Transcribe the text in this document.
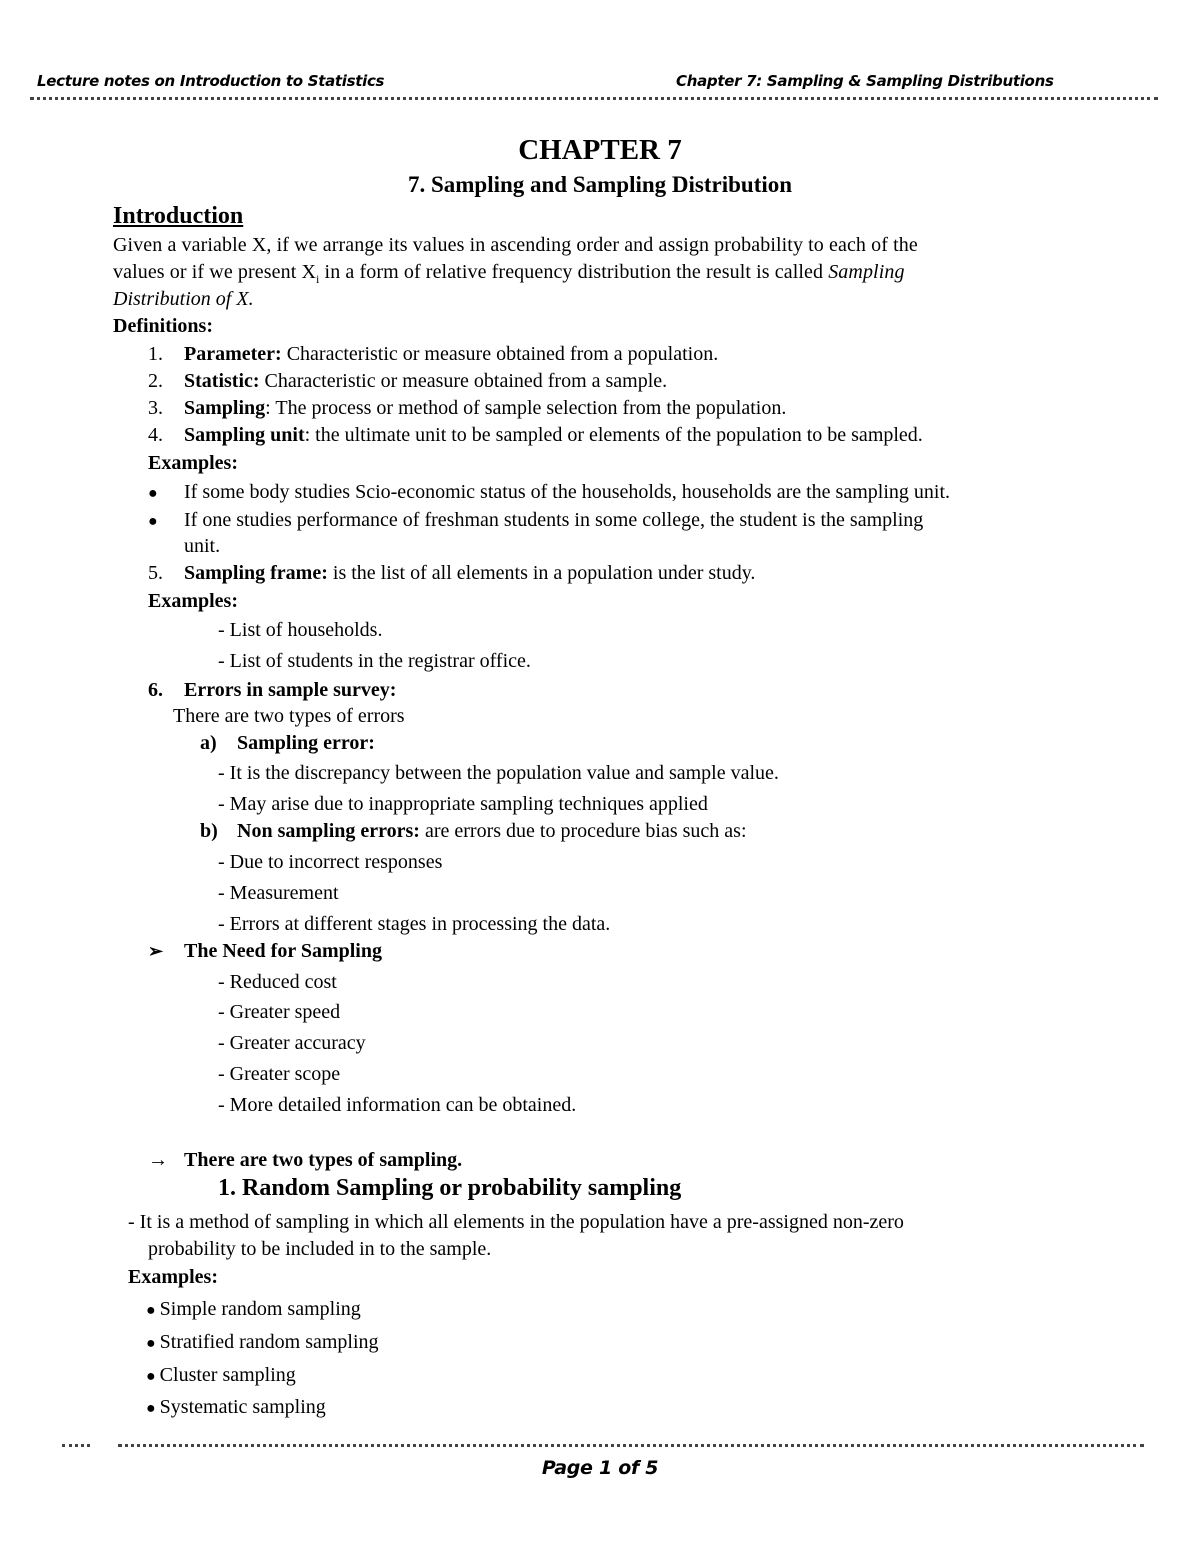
Lecture notes on Introduction to Statistics	Chapter 7: Sampling & Sampling Distributions
CHAPTER 7
7. Sampling and Sampling Distribution
Introduction
Given a variable X, if we arrange its values in ascending order and assign probability to each of the
values or if we present $X_i$ in a form of relative frequency distribution the result is called Sampling
Distribution of X.
Definitions:
1. Parameter: Characteristic or measure obtained from a population.
2. Statistic: Characteristic or measure obtained from a sample.
3. Sampling: The process or method of sample selection from the population.
4. Sampling unit: the ultimate unit to be sampled or elements of the population to be sampled.
Examples:
● If some body studies Scio-economic status of the households, households are the sampling unit.
● If one studies performance of freshman students in some college, the student is the sampling
unit.
5. Sampling frame: is the list of all elements in a population under study.
Examples:
- List of households.
- List of students in the registrar office.
6. Errors in sample survey:
There are two types of errors
a) Sampling error:
- It is the discrepancy between the population value and sample value.
- May arise due to inappropriate sampling techniques applied
b) Non sampling errors: are errors due to procedure bias such as:
- Due to incorrect responses
- Measurement
- Errors at different stages in processing the data.
➢ The Need for Sampling
- Reduced cost
- Greater speed
- Greater accuracy
- Greater scope
- More detailed information can be obtained.
→ There are two types of sampling.
1. Random Sampling or probability sampling
- It is a method of sampling in which all elements in the population have a pre-assigned non-zero
probability to be included in to the sample.
Examples:
● Simple random sampling
● Stratified random sampling
● Cluster sampling
● Systematic sampling
Page 1 of 5
